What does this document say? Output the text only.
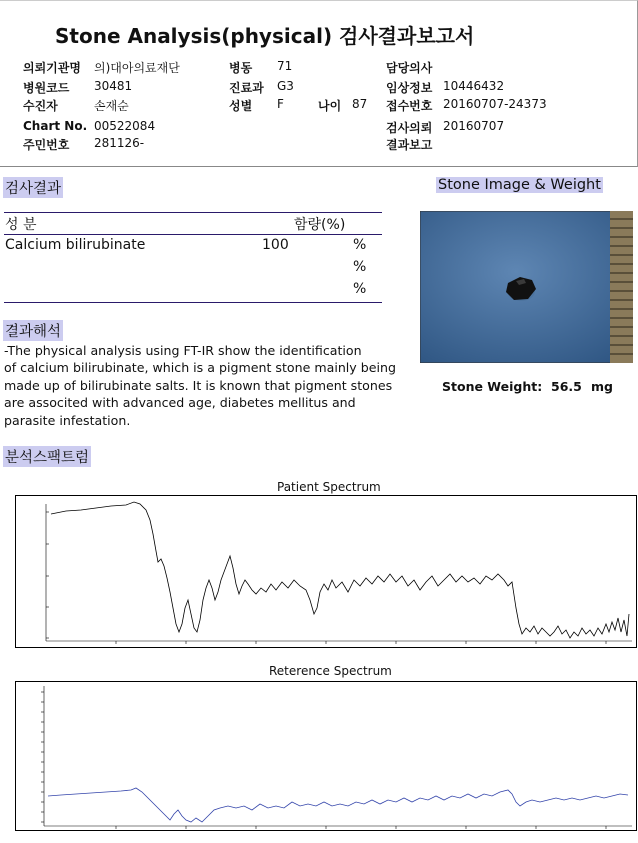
Stone Analysis(physical) 검사결과보고서
의뢰기관명 의)대아의료재단
병원코드 30481
수진자	손재순
Chart No. 00522084
주민번호 281126-
병동 71
진료과 G3
성별 F	나이 87
담당의사
임상정보 10446432
접수번호 20160707-24373
검사의뢰 20160707
결과보고
검사결과
성 분	함량(%)
Calcium bilirubinate	100	%
%
%
결과해석
-The physical analysis using FT-IR show the identification
of calcium bilirubinate, which is a pigment stone mainly being
made up of bilirubinate salts. It is known that pigment stones
are associted with advanced age, diabetes mellitus and
parasite infestation.
Stone Image & Weight
Stone Weight: 56.5 mg
분석스팩트럼
Patient Spectrum
Reterence Spectrum
